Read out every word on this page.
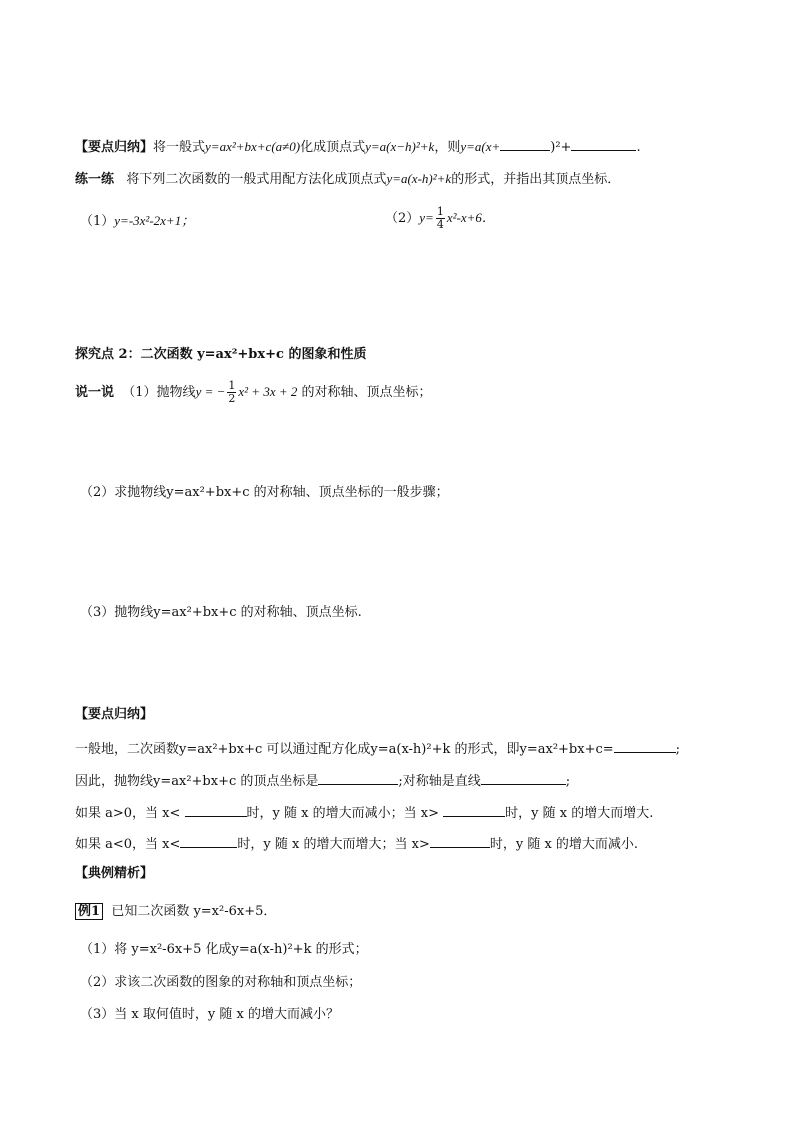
【要点归纳】将一般式y=ax²+bx+c(a≠0)化成顶点式y=a(x−h)²+k，则y=a(x+	)²+	.
练一练 将下列二次函数的一般式用配方法化成顶点式y=a(x-h)²+k的形式，并指出其顶点坐标．
（1）y=-3x²-2x+1；	$(2)y= \frac{1}{4} x^2-x+6$．
探究点 2：二次函数 y=ax²+bx+c 的图象和性质
说一说 （1）抛物线y = − $\frac{1}{2} x^2 + 3x + 2$ 的对称轴、顶点坐标；
（2）求抛物线y=ax²+bx+c 的对称轴、顶点坐标的一般步骤；
（3）抛物线y=ax²+bx+c 的对称轴、顶点坐标.
【要点归纳】
一般地，二次函数y=ax²+bx+c 可以通过配方化成y=a(x-h)²+k 的形式，即y=ax²+bx+c=	;
因此，抛物线y=ax²+bx+c 的顶点坐标是	;对称轴是直线	;
如果 a>0，当 x<	时，y 随 x 的增大而减小；当 x>	时，y 随 x 的增大而增大.
如果 a<0，当 x<	时，y 随 x 的增大而增大；当 x>	时，y 随 x 的增大而减小.
【典例精析】
例1 已知二次函数 y=x²-6x+5．
（1）将 y=x²-6x+5 化成y=a(x-h)²+k 的形式；
（2）求该二次函数的图象的对称轴和顶点坐标；
（3）当 x 取何值时，y 随 x 的增大而减小？
